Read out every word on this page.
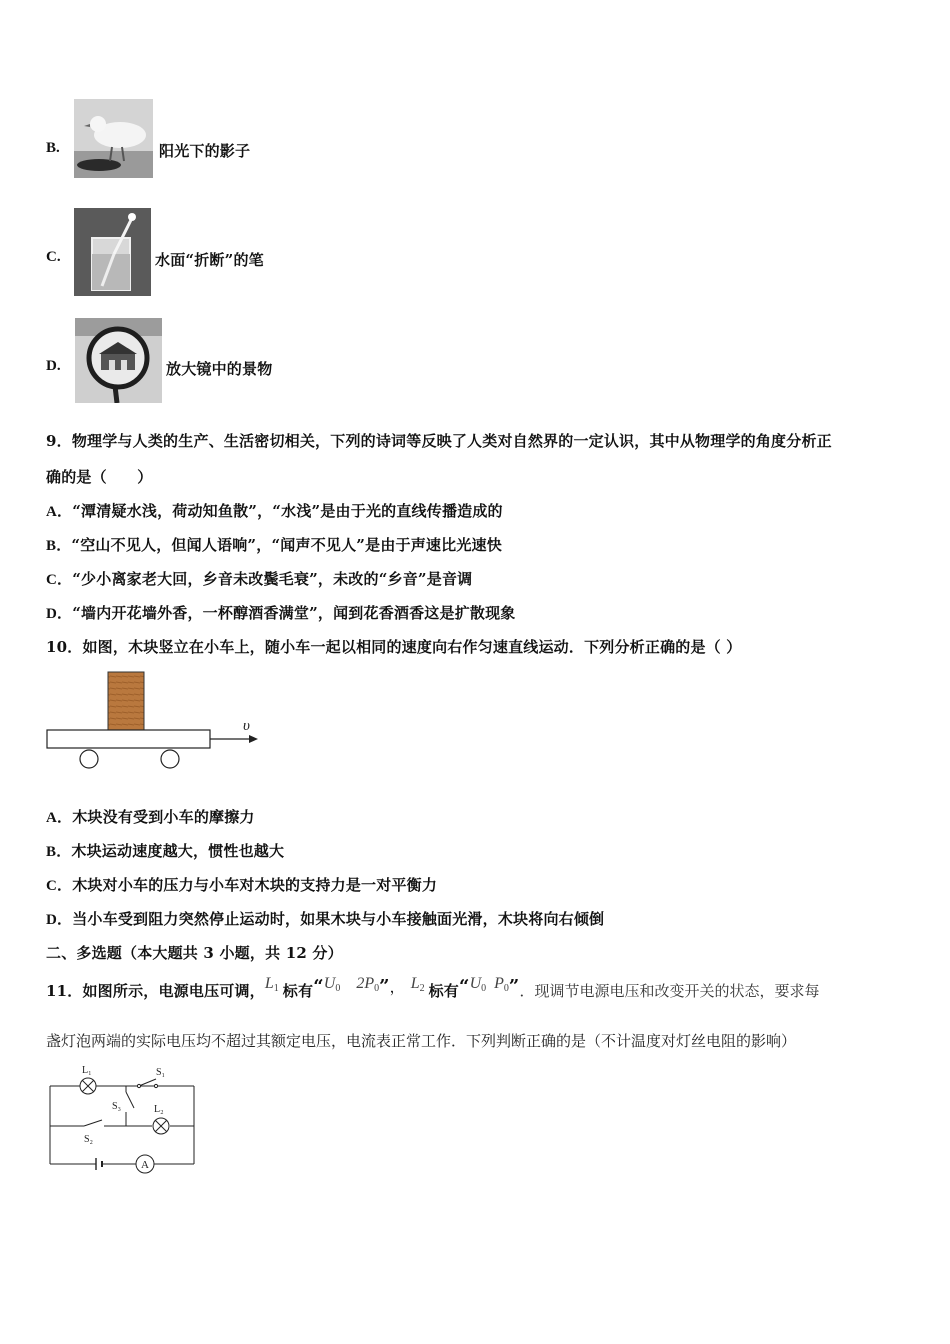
B.	阳光下的影子
C.	水面“折断”的笔
D.	放大镜中的景物
9．物理学与人类的生产、生活密切相关，下列的诗词等反映了人类对自然界的一定认识，其中从物理学的角度分析正
确的是（　　）
A．“潭清疑水浅，荷动知鱼散”，“水浅”是由于光的直线传播造成的
B．“空山不见人，但闻人语响”，“闻声不见人”是由于声速比光速快
C．“少小离家老大回，乡音未改鬓毛衰”，未改的“乡音”是音调
D．“墙内开花墙外香，一杯醇酒香满堂”，闻到花香酒香这是扩散现象
10．如图，木块竖立在小车上，随小车一起以相同的速度向右作匀速直线运动．下列分析正确的是（ ）
υ
A．木块没有受到小车的摩擦力
B．木块运动速度越大，惯性也越大
C．木块对小车的压力与小车对木块的支持力是一对平衡力
D．当小车受到阻力突然停止运动时，如果木块与小车接触面光滑，木块将向右倾倒
二、多选题（本大题共 3 小题，共 12 分）
11．如图所示，电源电压可调，$L_1$ 标有“$U_0$  $2P_0$”， $L_2$ 标有“$U_0$  $P_0$”．现调节电源电压和改变开关的状态，要求每
盏灯泡两端的实际电压均不超过其额定电压，电流表正常工作．下列判断正确的是（不计温度对灯丝电阻的影响）
L₁	S₁
S₃	L₂
S₂
A
